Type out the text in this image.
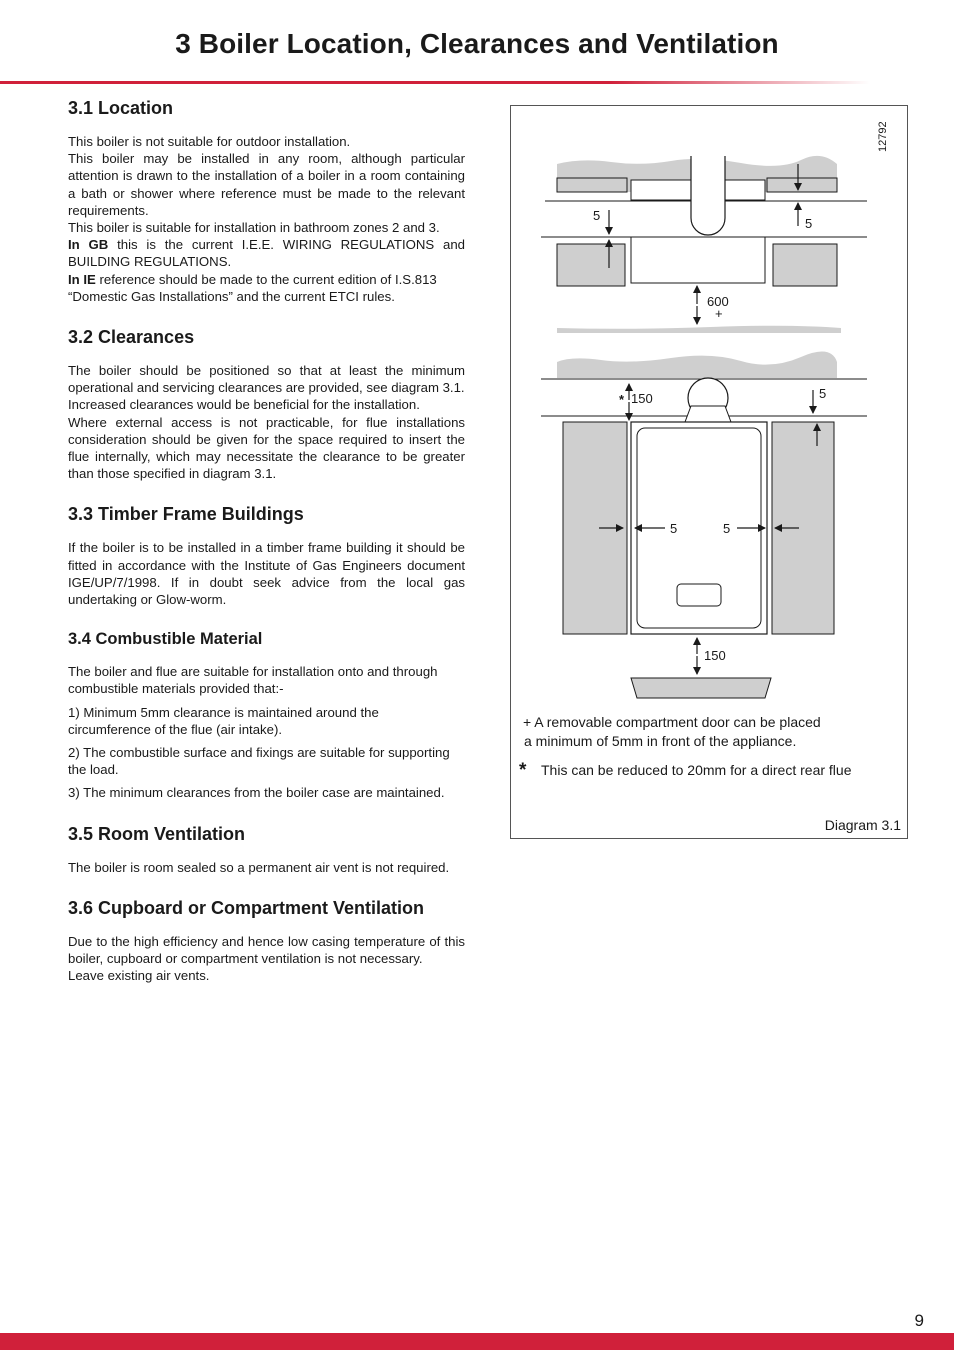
3 Boiler Location, Clearances and Ventilation
3.1 Location

This boiler is not suitable for outdoor installation.

This boiler may be installed in any room, although particular attention is drawn to the installation of a boiler in a room containing a bath or shower where reference must be made to the relevant requirements.

This boiler is suitable for installation in bathroom zones 2 and 3.

In GB this is the current I.E.E. WIRING REGULATIONS and BUILDING REGULATIONS.

In IE reference should be made to the current edition of I.S.813 “Domestic Gas Installations” and the current ETCI rules.

3.2 Clearances

The boiler should be positioned so that at least the minimum operational and servicing clearances are provided, see diagram 3.1.

Increased clearances would be beneficial for the installation.

Where external access is not practicable, for flue installations consideration should be given for the space required to insert the flue internally, which may necessitate the clearance to be greater than those specified in diagram 3.1.

3.3 Timber Frame Buildings

If the boiler is to be installed in a timber frame building it should be fitted in accordance with the Institute of Gas Engineers document IGE/UP/7/1998. If in doubt seek advice from the local gas undertaking or Glow-worm.

3.4 Combustible Material

The boiler and flue are suitable for installation onto and through combustible materials provided that:-

1) Minimum 5mm clearance is maintained around the circumference of the flue (air intake).

2) The combustible surface and fixings are suitable for supporting the load.

3) The minimum clearances from the boiler case are maintained.

3.5 Room Ventilation

The boiler is room sealed so a permanent air vent is not required.

3.6 Cupboard or Compartment Ventilation

Due to the high efficiency and hence low casing temperature of this boiler, cupboard or compartment ventilation is not necessary.

Leave existing air vents.

5
5
600
+
* 150	5
5	5
150
12792
+ A removable compartment door can be placed
a minimum of 5mm in front of the appliance.
* This can be reduced to 20mm for a direct rear flue
Diagram 3.1
9
